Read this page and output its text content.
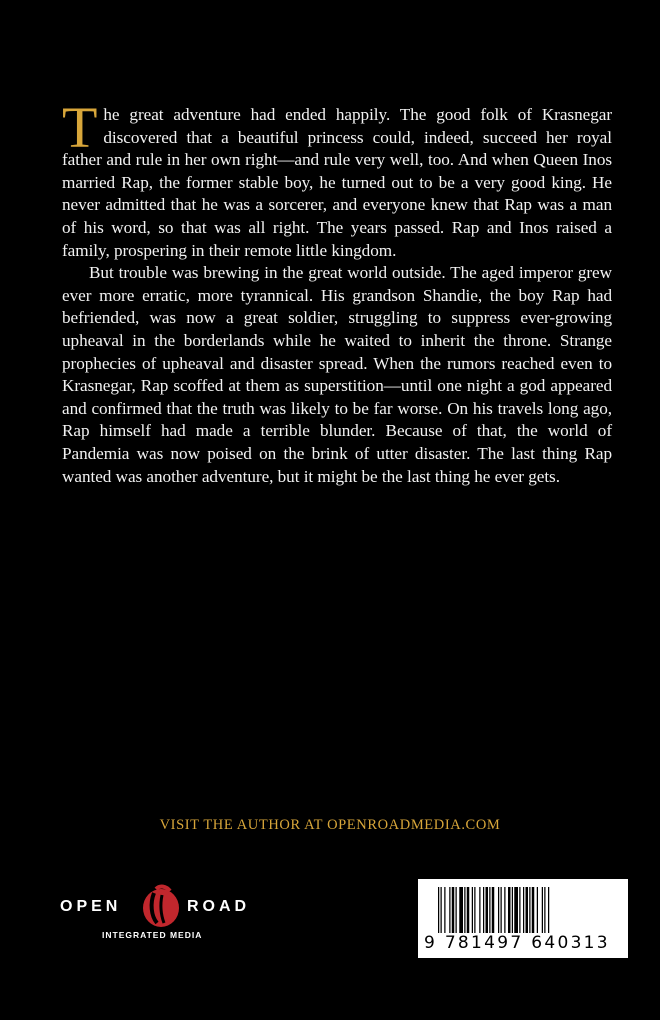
The great adventure had ended happily. The good folk of Krasnegar discovered that a beautiful princess could, indeed, succeed her royal father and rule in her own right—and rule very well, too. And when Queen Inos married Rap, the former stable boy, he turned out to be a very good king. He never admitted that he was a sorcerer, and everyone knew that Rap was a man of his word, so that was all right. The years passed. Rap and Inos raised a family, prospering in their remote little kingdom.

But trouble was brewing in the great world outside. The aged imperor grew ever more erratic, more tyrannical. His grandson Shandie, the boy Rap had befriended, was now a great soldier, struggling to suppress ever-growing upheaval in the borderlands while he waited to inherit the throne. Strange prophecies of upheaval and disaster spread. When the rumors reached even to Krasnegar, Rap scoffed at them as superstition—until one night a god appeared and confirmed that the truth was likely to be far worse. On his travels long ago, Rap himself had made a terrible blunder. Because of that, the world of Pandemia was now poised on the brink of utter disaster. The last thing Rap wanted was another adventure, but it might be the last thing he ever gets.

VISIT THE AUTHOR AT OPENROADMEDIA.COM
OPEN	ROAD
INTEGRATED MEDIA	9 781497 640313
